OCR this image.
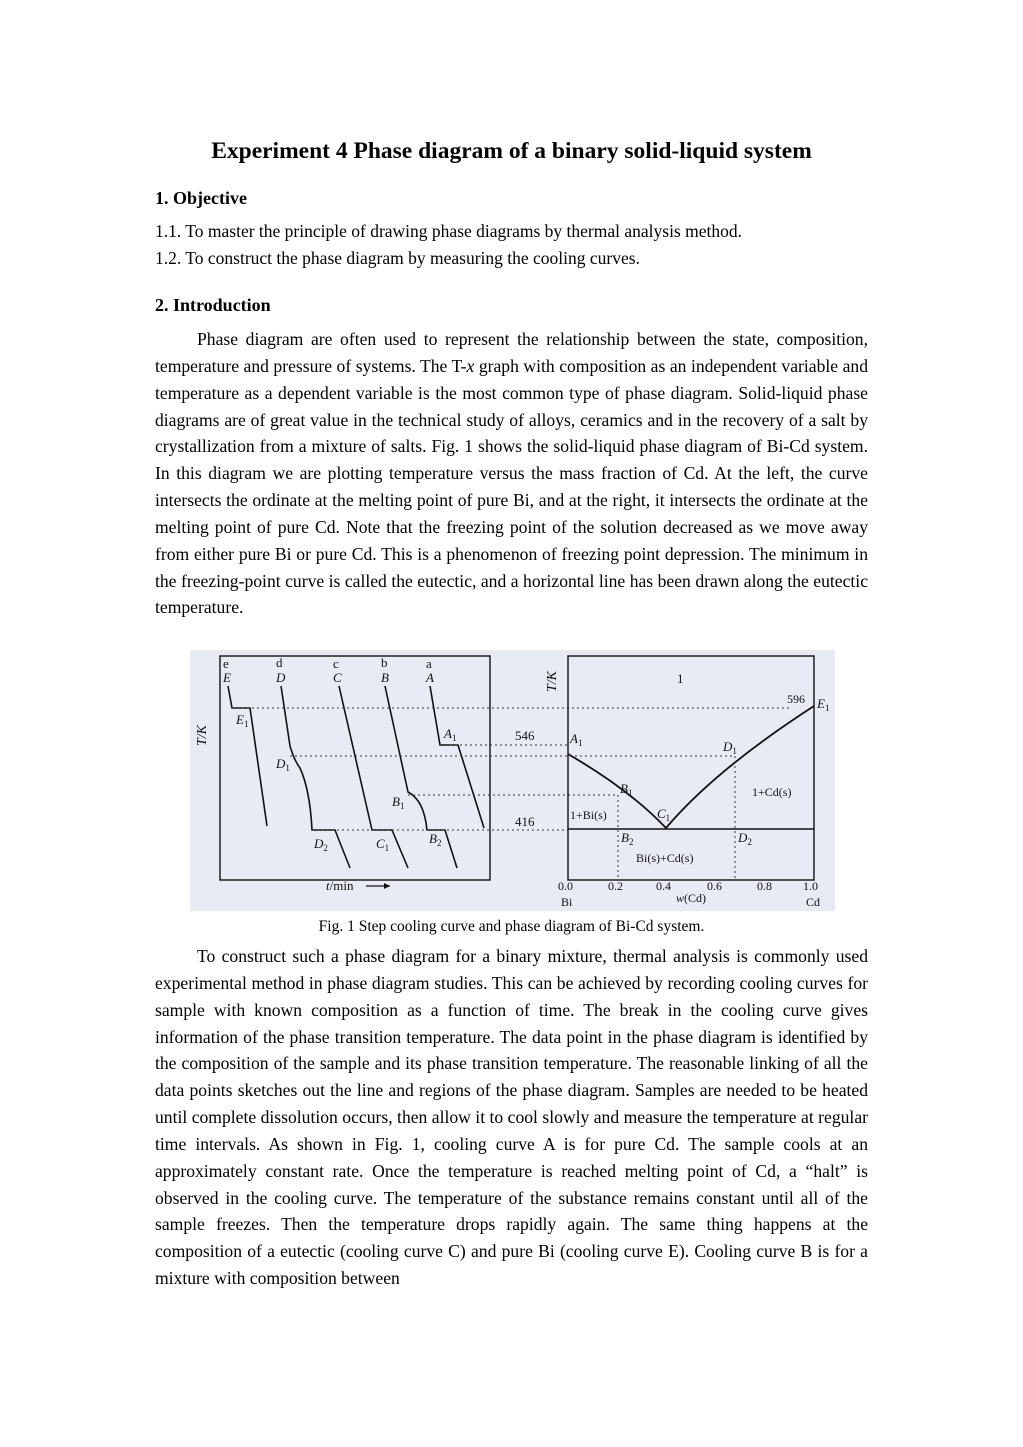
Experiment 4 Phase diagram of a binary solid-liquid system
1. Objective

1.1. To master the principle of drawing phase diagrams by thermal analysis method.

1.2. To construct the phase diagram by measuring the cooling curves.

2. Introduction

Phase diagram are often used to represent the relationship between the state, composition, temperature and pressure of systems. The T-x graph with composition as an independent variable and temperature as a dependent variable is the most common type of phase diagram. Solid-liquid phase diagrams are of great value in the technical study of alloys, ceramics and in the recovery of a salt by crystallization from a mixture of salts. Fig. 1 shows the solid-liquid phase diagram of Bi-Cd system. In this diagram we are plotting temperature versus the mass fraction of Cd. At the left, the curve intersects the ordinate at the melting point of pure Bi, and at the right, it intersects the ordinate at the melting point of pure Cd. Note that the freezing point of the solution decreased as we move away from either pure Bi or pure Cd. This is a phenomenon of freezing point depression. The minimum in the freezing-point curve is called the eutectic, and a horizontal line has been drawn along the eutectic temperature.

T/K
e	d	c	b	a
E	D	C	B	A
$E_1$
$A_1$
$D_1$
$B_1$
$B_2$
$D_2$	$C_1$
t/min
T/K
546
416
596
1
1+Bi(s)
1+Cd(s)
Bi(s)+Cd(s)
$A_1$
$B_1$
$C_1$
$D_1$
$E_1$
$B_2$	$D_2$
0.0	0.2	0.4	0.6	0.8	1.0
Bi	Cd
w(Cd)

Fig. 1 Step cooling curve and phase diagram of Bi-Cd system.

To construct such a phase diagram for a binary mixture, thermal analysis is commonly used experimental method in phase diagram studies. This can be achieved by recording cooling curves for sample with known composition as a function of time. The break in the cooling curve gives information of the phase transition temperature. The data point in the phase diagram is identified by the composition of the sample and its phase transition temperature. The reasonable linking of all the data points sketches out the line and regions of the phase diagram. Samples are needed to be heated until complete dissolution occurs, then allow it to cool slowly and measure the temperature at regular time intervals. As shown in Fig. 1, cooling curve A is for pure Cd. The sample cools at an approximately constant rate. Once the temperature is reached melting point of Cd, a “halt” is observed in the cooling curve. The temperature of the substance remains constant until all of the sample freezes. Then the temperature drops rapidly again. The same thing happens at the composition of a eutectic (cooling curve C) and pure Bi (cooling curve E). Cooling curve B is for a mixture with composition between
